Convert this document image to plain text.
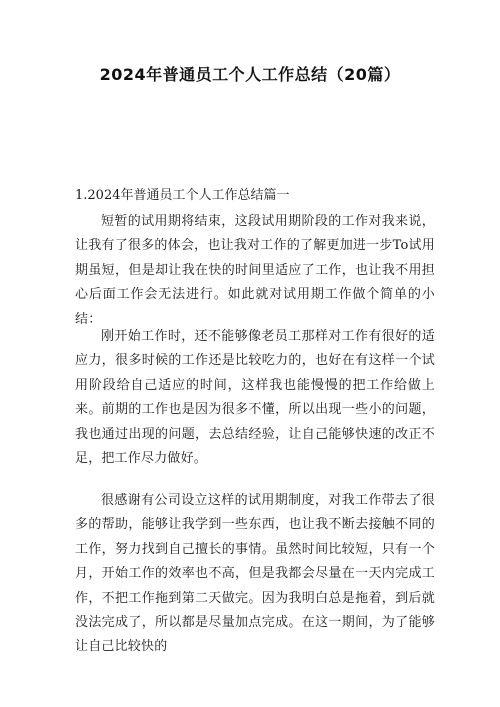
2024年普通员工个人工作总结（20篇）
1.2024年普通员工个人工作总结篇一

短暂的试用期将结束，这段试用期阶段的工作对我来说，让我有了很多的体会，也让我对工作的了解更加进一步To试用期虽短，但是却让我在快的时间里适应了工作，也让我不用担心后面工作会无法进行。如此就对试用期工作做个简单的小结：

刚开始工作时，还不能够像老员工那样对工作有很好的适应力，很多时候的工作还是比较吃力的，也好在有这样一个试用阶段给自己适应的时间，这样我也能慢慢的把工作给做上来。前期的工作也是因为很多不懂，所以出现一些小的问题，我也通过出现的问题，去总结经验，让自己能够快速的改正不足，把工作尽力做好。

很感谢有公司设立这样的试用期制度，对我工作带去了很多的帮助，能够让我学到一些东西，也让我不断去接触不同的工作，努力找到自己擅长的事情。虽然时间比较短，只有一个月，开始工作的效率也不高，但是我都会尽量在一天内完成工作，不把工作拖到第二天做完。因为我明白总是拖着，到后就没法完成了，所以都是尽量加点完成。在这一期间，为了能够让自己比较快的
